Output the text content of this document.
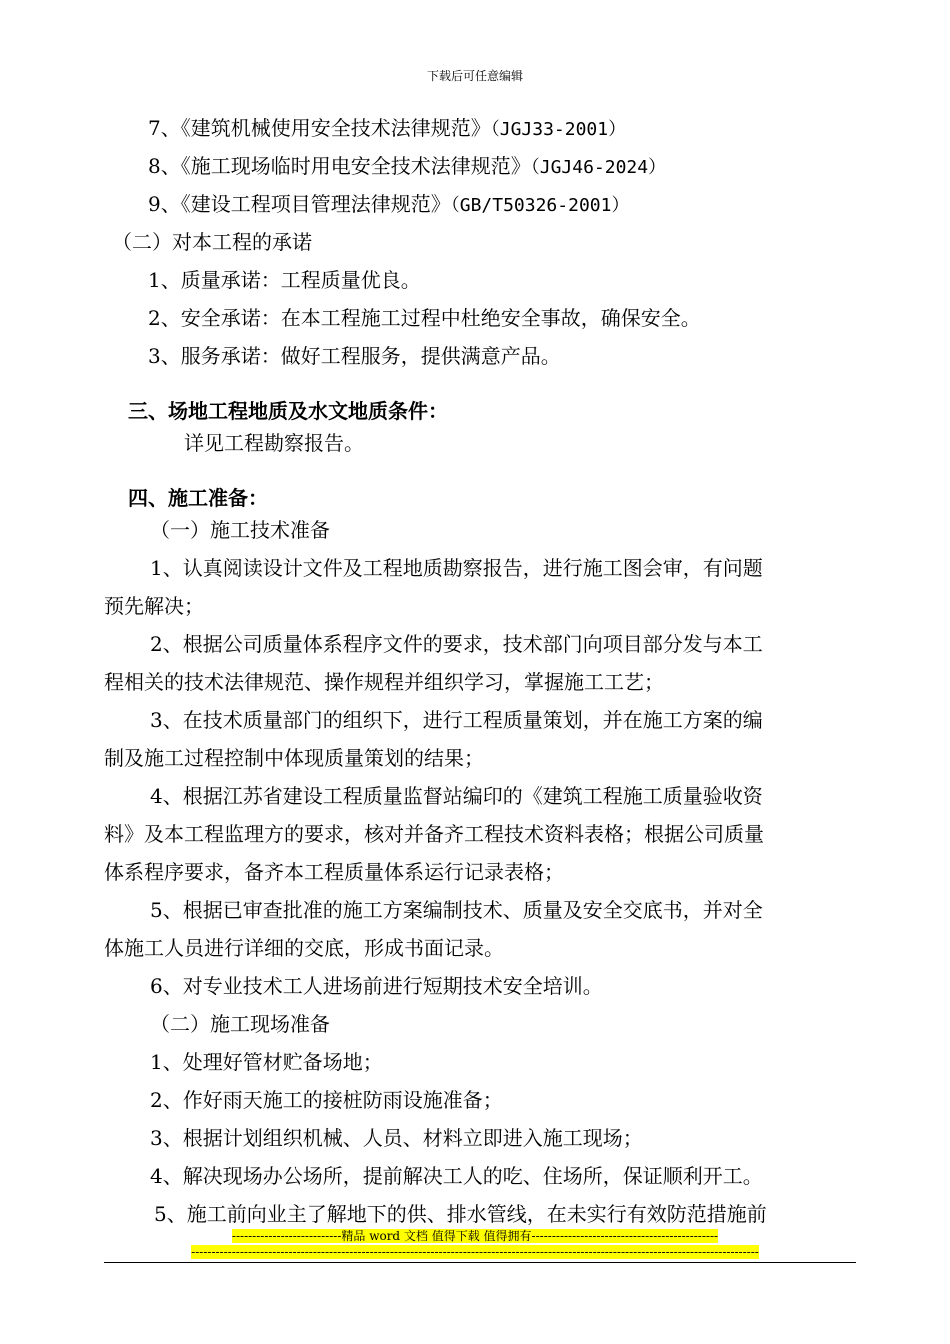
下载后可任意编辑
7、《建筑机械使用安全技术法律规范》（JGJ33-2001）
8、《施工现场临时用电安全技术法律规范》（JGJ46-2024）
9、《建设工程项目管理法律规范》（GB/T50326-2001）
（二）对本工程的承诺
1、质量承诺：工程质量优良。
2、安全承诺：在本工程施工过程中杜绝安全事故，确保安全。
3、服务承诺：做好工程服务，提供满意产品。
三、场地工程地质及水文地质条件：
详见工程勘察报告。
四、施工准备：
（一）施工技术准备
1、认真阅读设计文件及工程地质勘察报告，进行施工图会审，有问题
预先解决；
2、根据公司质量体系程序文件的要求，技术部门向项目部分发与本工
程相关的技术法律规范、操作规程并组织学习，掌握施工工艺；
3、在技术质量部门的组织下，进行工程质量策划，并在施工方案的编
制及施工过程控制中体现质量策划的结果；
4、根据江苏省建设工程质量监督站编印的《建筑工程施工质量验收资
料》及本工程监理方的要求，核对并备齐工程技术资料表格；根据公司质量
体系程序要求，备齐本工程质量体系运行记录表格；
5、根据已审查批准的施工方案编制技术、质量及安全交底书，并对全
体施工人员进行详细的交底，形成书面记录。
6、对专业技术工人进场前进行短期技术安全培训。
（二）施工现场准备
1、处理好管材贮备场地；
2、作好雨天施工的接桩防雨设施准备；
3、根据计划组织机械、人员、材料立即进入施工现场；
4、解决现场办公场所，提前解决工人的吃、住场所，保证顺利开工。
5、施工前向业主了解地下的供、排水管线，在未实行有效防范措施前
---------------------------精品 word 文档 值得下载 值得拥有----------------------------------------------
--------------------------------------------------------------------------------------------------------------------------------------------
